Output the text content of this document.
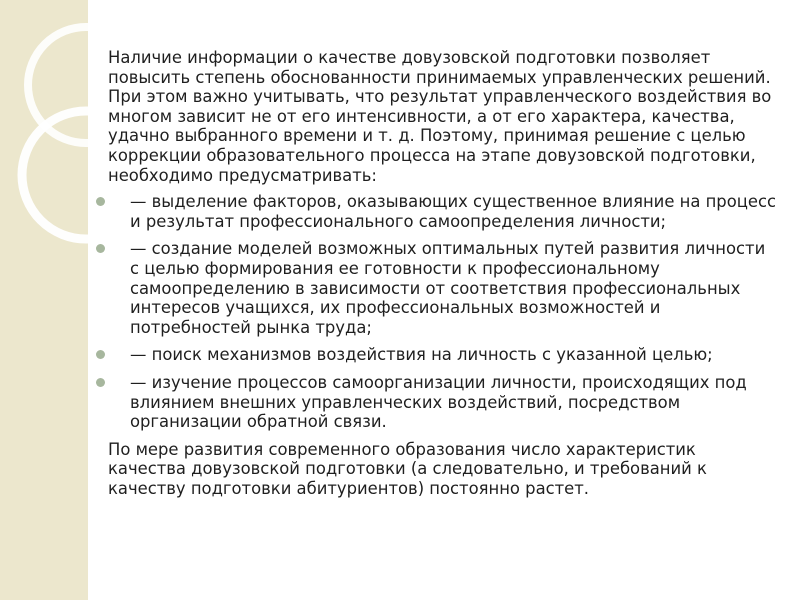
Наличие информации о качестве довузовской подготовки позволяет повысить степень обоснованности принимаемых управленческих решений. При этом важно учитывать, что результат управленческого воздействия во многом зависит не от его интенсивности, а от его характера, качества, удачно выбранного времени и т. д. Поэтому, принимая решение с целью коррекции образовательного процесса на этапе довузовской подготовки, необходимо предусматривать:

— выделение факторов, оказывающих существенное влияние на процесс и результат профессионального самоопределения личности;
— создание моделей возможных оптимальных путей развития личности с целью формирования ее готовности к профессиональному самоопределению в зависимости от соответствия профессиональных интересов учащихся, их профессиональных возможностей и потребностей рынка труда;
— поиск механизмов воздействия на личность с указанной целью;
— изучение процессов самоорганизации личности, происходящих под влиянием внешних управленческих воздействий, посредством организации обратной связи.

По мере развития современного образования число характеристик качества довузовской подготовки (а следовательно, и требований к качеству подготовки абитуриентов) постоянно растет.
